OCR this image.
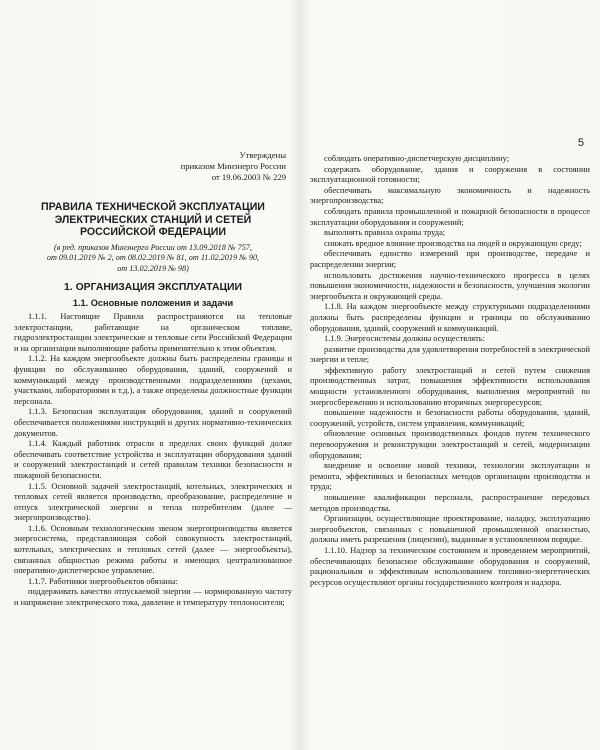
Утверждены
приказом Минэнерго России
от 19.06.2003 № 229
ПРАВИЛА ТЕХНИЧЕСКОЙ ЭКСПЛУАТАЦИИ
ЭЛЕКТРИЧЕСКИХ СТАНЦИЙ И СЕТЕЙ
РОССИЙСКОЙ ФЕДЕРАЦИИ
(в ред. приказов Минэнерго России от 13.09.2018 № 757,
от 09.01.2019 № 2, от 08.02.2019 № 81, от 11.02.2019 № 90,
от 13.02.2019 № 98)
1. ОРГАНИЗАЦИЯ ЭКСПЛУАТАЦИИ
1.1. Основные положения и задачи

1.1.1. Настоящие Правила распространяются на тепловые электростанции, работающие на органическом топливе, гидроэлектростанции электрические и тепловые сети Российской Федерации и на организации выполняющие работы применительно к этим объектам.

1.1.2. На каждом энергообъекте должны быть распределены границы и функции по обслуживанию оборудования, зданий, сооружений и коммуникаций между производственными подразделениями (цехами, участками, лабораториями и т.д.), а также определены должностные функции персонала.

1.1.3. Безопасная эксплуатация оборудования, зданий и сооружений обеспечивается положениями инструкций и других нормативно-технических документов.

1.1.4. Каждый работник отрасли в пределах своих функций долже обеспечивать соответствие устройства и эксплуатации оборудования зданий и сооружений электростанций и сетей правилам техники безопасности и пожарной безопасности.

1.1.5. Основной задачей электростанций, котельных, электрических и тепловых сетей является производство, преобразование, распределение и отпуск электрической энергии и тепла потребителям (далее — энергопроизводство).

1.1.6. Основным технологическим звеном энергопроизводства является энергосистема, представляющая собой совокупность электростанций, котельных, электрических и тепловых сетей (далее — энергообъекты), связанных общностью режима работы и имеющих централизованное оперативно-диспетчерское управление.

1.1.7. Работники энергообъектов обязаны:

поддерживать качество отпускаемой энергии — нормированную частоту и напряжение электрического тока, давление и температуру теплоносителя;

5

соблюдать оперативно-диспетчерскую дисциплину;

содержать оборудование, здания и сооружения в состоянии эксплуатационной готовности;

обеспечивать максимальную экономичность и надежность энергопроизводства;

соблюдать правила промышленной и пожарной безопасности в процессе эксплуатации оборудования и сооружений;

выполнять правила охраны труда;

снижать вредное влияние производства на людей и окружающую среду;

обеспечивать единство измерений при производстве, передаче и распределении энергии;

использовать достижения научно-технического прогресса в целях повышения экономичности, надежности и безопасности, улучшения экологии энергообъекта и окружающей среды.

1.1.8. На каждом энергообъекте между структурными подразделениями должны быть распределены функции и границы по обслуживанию оборудования, зданий, сооружений и коммуникаций.

1.1.9. Энергосистемы должны осуществлять:

развитие производства для удовлетворения потребностей в электрической энергии и тепле;

эффективную работу электростанций и сетей путем снижения производственных затрат, повышения эффективности использования мощности установленного оборудования, выполнения мероприятий по энергосбережению и использованию вторичных энергоресурсов;

повышение надежности и безопасности работы оборудования, зданий, сооружений, устройств, систем управления, коммуникаций;

обновление основных производственных фондов путем технического перевооружения и реконструкции электростанций и сетей, модернизации оборудования;

внедрение и освоение новой техники, технологии эксплуатации и ремонта, эффективных и безопасных методов организации производства и труда;

повышение квалификации персонала, распространение передовых методов производства.

Организации, осуществляющие проектирование, наладку, эксплуатацию энергообъектов, связанных с повышенной промышленной опасностью, должны иметь разрешения (лицензии), выданные в установленном порядке.

1.1.10. Надзор за техническим состоянием и проведением мероприятий, обеспечивающих безопасное обслуживание оборудования и сооружений, рациональным и эффективным использованием топливно-энергетических ресурсов осуществляют органы государственного контроля и надзора.
